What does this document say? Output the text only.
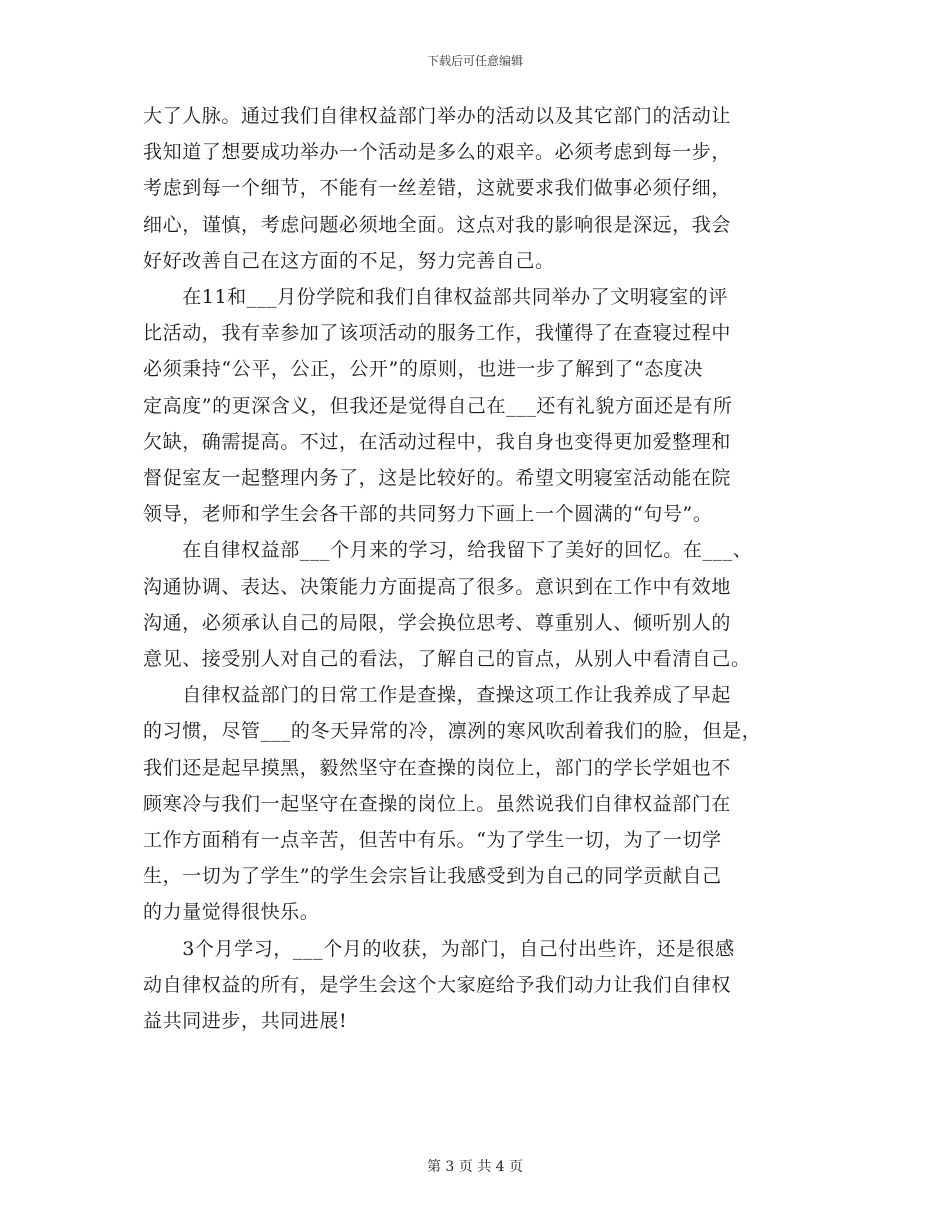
下载后可任意编辑
大了人脉。通过我们自律权益部门举办的活动以及其它部门的活动让
我知道了想要成功举办一个活动是多么的艰辛。必须考虑到每一步，
考虑到每一个细节，不能有一丝差错，这就要求我们做事必须仔细，
细心，谨慎，考虑问题必须地全面。这点对我的影响很是深远，我会
好好改善自己在这方面的不足，努力完善自己。
　　在11和___月份学院和我们自律权益部共同举办了文明寝室的评
比活动，我有幸参加了该项活动的服务工作，我懂得了在查寝过程中
必须秉持“公平，公正，公开”的原则，也进一步了解到了“态度决
定高度”的更深含义，但我还是觉得自己在___还有礼貌方面还是有所
欠缺，确需提高。不过，在活动过程中，我自身也变得更加爱整理和
督促室友一起整理内务了，这是比较好的。希望文明寝室活动能在院
领导，老师和学生会各干部的共同努力下画上一个圆满的“句号”。
　　在自律权益部___个月来的学习，给我留下了美好的回忆。在___、
沟通协调、表达、决策能力方面提高了很多。意识到在工作中有效地
沟通，必须承认自己的局限，学会换位思考、尊重别人、倾听别人的
意见、接受别人对自己的看法，了解自己的盲点，从别人中看清自己。
　　自律权益部门的日常工作是查操，查操这项工作让我养成了早起
的习惯，尽管___的冬天异常的冷，凛冽的寒风吹刮着我们的脸，但是，
我们还是起早摸黑，毅然坚守在查操的岗位上，部门的学长学姐也不
顾寒冷与我们一起坚守在查操的岗位上。虽然说我们自律权益部门在
工作方面稍有一点辛苦，但苦中有乐。“为了学生一切，为了一切学
生，一切为了学生”的学生会宗旨让我感受到为自己的同学贡献自己
的力量觉得很快乐。
　　3个月学习，___个月的收获，为部门，自己付出些许，还是很感
动自律权益的所有，是学生会这个大家庭给予我们动力让我们自律权
益共同进步，共同进展!
第 3 页 共 4 页
